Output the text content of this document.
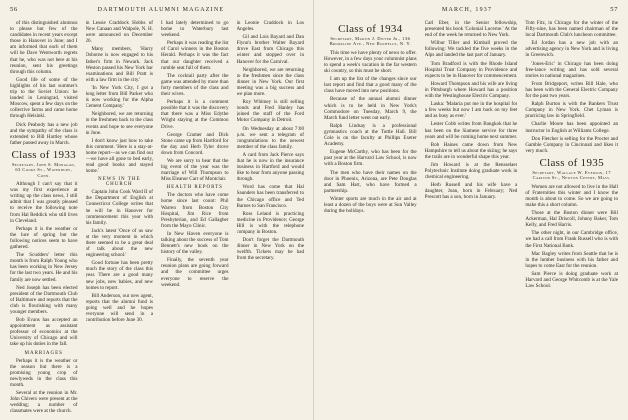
56	DARTMOUTH ALUMNI MAGAZINE

of this distinguished alumnus to please but few of the candidates in recent years except those in Hanover in June; and I am informed that each of them will be Dave Wentworth regrets that he, who was not here at his reunion, sent his greetings through this column.

Good life of some of the highlights of his last summer's trip to the Soviet Union: he landed in Leningrad, visited Moscow, spent a few days on the collective farms and came home through Helsinki.

Dick Peabody has a new job and the sympathy of the class is extended to Bill Hartley whose father passed away in March.

Class of 1933
Secretary, John S. Monagan, 63 Cooke St., Waterbury, Conn.

Although I can't say that it was my first experience at writing up the class news, I still admit that I was greatly pleased to receive the following note from Hal Reddick who still lives in Cleveland.

Perhaps it is the weather or the lure of spring but the following notices seem to have gathered.

The Scudders' letter this month is from Ralph Young who has been working in New Jersey for the last two years. He and his family are now settled.

Ned Joseph has been elected president of the Dartmouth Club of Baltimore and reports that the club is flourishing with many younger members.

Bob Evans has accepted an appointment as assistant professor of economics at the University of Chicago and will take up his duties in the fall.

MARRIAGES

Perhaps it is the weather or the season but there is a promising young crop of newlyweds in the class this month.

Several at the reunion in Mr. John Chivers were present at the wedding; a number of classmates were at the church.

in Lessie Craddock Hobbs of New Canaan and Walpole, N. H. were announced on December 26.

Many members, 'Harry Osborne is now engaged to his father's firm in Newark. Jack Weston passed his New York bar examinations and Bill Pratt is with a law firm in the city.'

'In New York City, I got a long letter from Bill Parker who is now working for the Alpha Cement Company.'

Neighbored, we are returning to the freshmen back to the class events and hope to see everyone in June.

I don't know just how to take this comment. 'Here is a stay-at-home report—as we can find out—we have all gone to bed early, read good books and stayed home.'

NEWS IN THE CHURCH

Captain John Cook Ward II of the Department of English at Connecticut College writes that he will be in Hanover for commencement this year with his family.

Jack's latest 'Once of us saw at the very moment in which there seemed to be a great deal of talk about the new engineering school.'

Good fortune has been pretty much the story of the class this year. There are a good many new jobs, new babies, and new homes to report.

Bill Anderson, our new agent, reports that the alumni fund is going well and he hopes everyone will send in a contribution before June 30.

I had lately determined to go home to Waterbury last weekend.

Perhaps it was reading the list of Carol winners in the Boston Herald. Perhaps it was the fact that our daughter received a rumble seat full of them.

The cocktail party after the game was attended by more than forty members of the class and their wives.

Perhaps it is a comment possible that it was the discovery that there was a Miss Edythe Wright staying at the Common Drive.

George Cramer and Dick Stone came up from Hartford for the day and Herb Tyler drove down from Concord.

We are sorry to hear that the big event of the year was the marriage of Will Thompson to Miss Eleanor Carr of Montclair.

HEALTH REPORTS

The doctors who have come home since last count: Phil Warren from Boston City Hospital, Jim Rice from Presbyterian, and Ed Gallagher from the Mayo Clinic.

In New Haven everyone is talking about the success of Tom Bennett's new book on the history of the valley.

Finally, the seventh year reunion plans are going forward and the committee urges everyone to reserve the weekend.

in Leonie Craddock in Los Angeles.

Gil and Lois Bayard and Dan Flynn's brother Walter Bayard drove East from Chicago this winter and stopped over in Hanover for the Carnival.

Neighbored, we are returning to the freshmen since the class dinner in New York. Our first meeting was a big success and we plan more.

Roy Whitney is still selling bonds and Fred Hanley has joined the staff of the Ford Motor Company in Detroit.

On Wednesday at about 7:00 p.m. we sent a telegram of congratulations to the newest member of the class family.

A card from Jack Pierce says that he is now in the insurance business in Hartford and would like to hear from anyone passing through.

Word has come that Hal Saunders has been transferred to the Chicago office and Ted Barnes to San Francisco.

Ross Leland is practicing medicine in Providence; George Hill is with the telephone company in Boston.

Don't forget the Dartmouth dinner in New York on the twelfth. Tickets may be had from the secretary.

MARCH, 1937	57
Class of 1934
Secretary, Martin J. Dwyer Jr., 136 Brookline Ave., New Rochelle, N. Y.

This time we have plenty of news to offer. However, in a few days your columnist plans to spend a week's vacation in the far western ski country, so this must be short.

I am up the list of the changes since our last report and find that a good many of the class have moved into new positions.

Because of the annual alumni dinner which is to be held in New York's Commodore on Tuesday, March 9, the March fund letter went out early.

Ralph Lindsay is a professional gymnastics coach at the Tuttle Hall. Bill Cole is on the faculty at Phillips Exeter Academy.

Eugene McCarthy, who has been for the past year at the Harvard Law School, is now with a Boston firm.

The men who have their names on the door in Phoenix, Arizona, are Pete Douglas and Sam Hart, who have formed a partnership.

Winter sports are much in the air and at least a dozen of the boys were at Sun Valley during the holidays.

Carl Eber, in the Senior fellowship, presented his book 'Colonial Lucerne.' At the end of the week he returned to New York.

Wilbur Tiller and Kimball proved the following: We tackled the five weeks in the Alps and landed the last part of January.

Tom Bradford is with the Rhode Island Hospital Trust Company in Providence and expects to be in Hanover for commencement.

Howard Thompson and his wife are living in Pittsburgh where Howard has a position with the Westinghouse Electric Company.

Laska: 'Malaria put me in the hospital for a few weeks but now I am back on my feet and as busy as ever.'

Lester Cobb writes from Bangkok that he has been on the Siamese service for three years and will be coming home next summer.

Bob Haines came down from New Hampshire to tell us about the skiing; he says the trails are in wonderful shape this year.

Jim Howard is at the Rensselaer Polytechnic Institute doing graduate work in chemical engineering.

Herb Russell and his wife have a daughter, Joan, born in February; Ned Prescott has a son, born in January.

Tom Fitz, in Chicago for the winter of the Fifty-nine, has been named chairman of the local Dartmouth Club's luncheon committee.

Ed Jordan has a new job with an advertising agency in New York and is living in Greenwich.

'Jones-Eric' in Chicago has been doing free-lance writing and has sold several stories to national magazines.

From Bridgeport, writes Bill Hale, who has been with the General Electric Company for the past two years.

Ralph Burton is with the Bankers Trust Company in New York. Chet Lyman is practicing law in Springfield.

Charlie Moore has been appointed an instructor in English at Williams College.

Don Fletcher is selling for the Procter and Gamble Company in Cincinnati and likes it very much.

Class of 1935
Secretary, Wallace W. Everson, 17 Carlton St., Newton Centre, Mass.

Women are not allowed to live in the Hall of Fraternities this winter and I know the month is about to come. So we are going to make this a short column.

Those at the Boston dinner were Bill Ackerman, Hal Driscoll, Johnny Baker, Tom Kelly, and Fred Harris.

The other night, in our Cambridge office, we had a call from Frank Russell who is with the First National Bank.

Mac Bagley writes from Seattle that he is in the lumber business with his father and hopes to come East for the reunion.

Sam Pierce is doing graduate work at Harvard and George Whitcomb is at the Yale Law School.
